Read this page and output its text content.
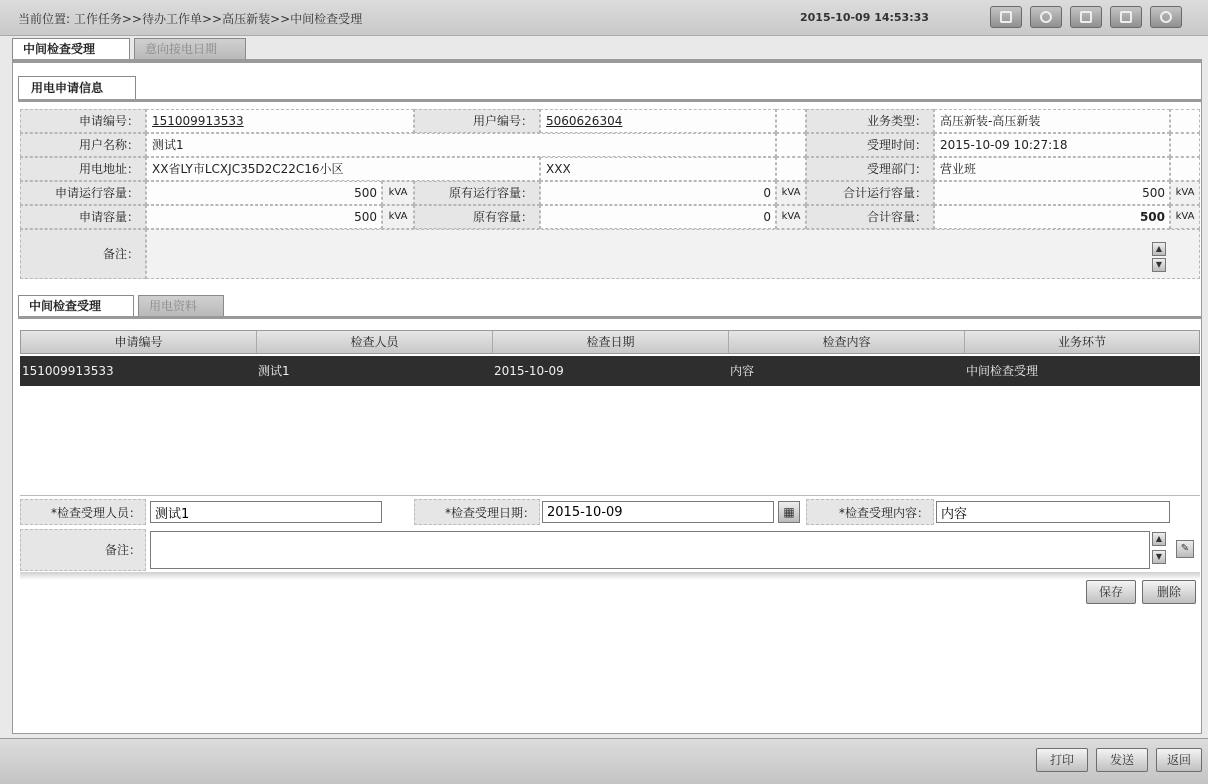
当前位置: 工作任务>>待办工作单>>高压新装>>中间检查受理	2015-10-09 14:53:33
中间检查受理	意向接电日期
用电申请信息
申请编号：	151009913533	用户编号：	5060626304	业务类型：	高压新装-高压新装
用户名称：	测试1	受理时间：	2015-10-09 10:27:18
用电地址：	XX省LY市LCXJC35D2C22C16小区	XXX	受理部门：	营业班
申请运行容量：	500	kVA	原有运行容量：	0	kVA	合计运行容量：	500	kVA
申请容量：	500	kVA	原有容量：	0	kVA	合计容量：	500	kVA
备注：	▲
▼
中间检查受理	用电资料
申请编号	检查人员	检查日期	检查内容	业务环节
151009913533	测试1	2015-10-09	内容	中间检查受理
*检查受理人员：
测试1	*检查受理日期：
2015-10-09	▦	*检查受理内容：
内容
备注：
▲
▼
✎
保存	删除
打印	发送	返回
